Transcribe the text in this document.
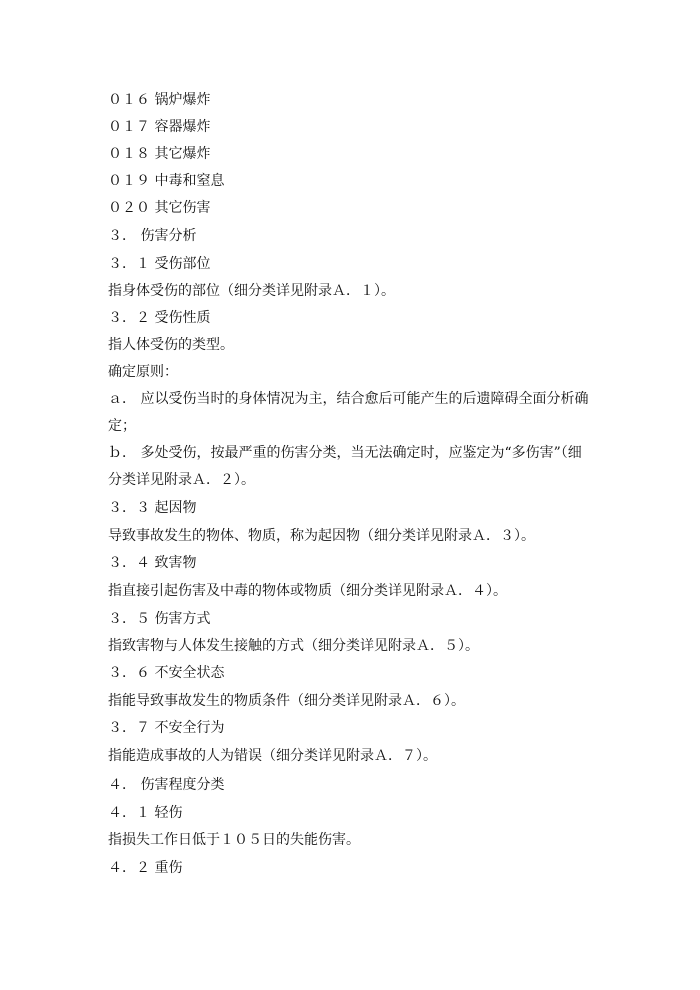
０１６ 锅炉爆炸
０１７ 容器爆炸
０１８ 其它爆炸
０１９ 中毒和窒息
０２０ 其它伤害
３． 伤害分析
３．１ 受伤部位
指身体受伤的部位（细分类详见附录Ａ．１）。
３．２ 受伤性质
指人体受伤的类型。
确定原则：
ａ． 应以受伤当时的身体情况为主，结合愈后可能产生的后遗障碍全面分析确
定；
ｂ． 多处受伤，按最严重的伤害分类，当无法确定时，应鉴定为“多伤害”（细
分类详见附录Ａ．２）。
３．３ 起因物
导致事故发生的物体、物质，称为起因物（细分类详见附录Ａ．３）。
３．４ 致害物
指直接引起伤害及中毒的物体或物质（细分类详见附录Ａ．４）。
３．５ 伤害方式
指致害物与人体发生接触的方式（细分类详见附录Ａ．５）。
３．６ 不安全状态
指能导致事故发生的物质条件（细分类详见附录Ａ．６）。
３．７ 不安全行为
指能造成事故的人为错误（细分类详见附录Ａ．７）。
４． 伤害程度分类
４．１ 轻伤
指损失工作日低于１０５日的失能伤害。
４．２ 重伤
